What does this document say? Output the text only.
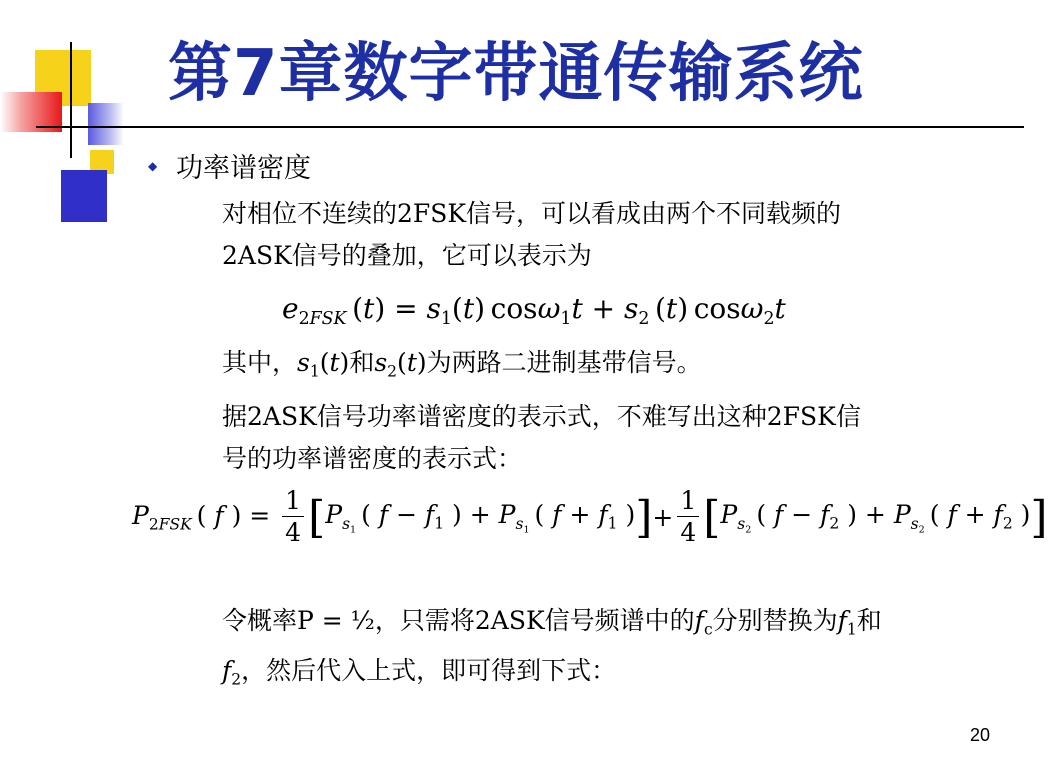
第7章数字带通传输系统
◆ 功率谱密度

对相位不连续的2FSK信号，可以看成由两个不同载频的

2ASK信号的叠加，它可以表示为

$e_{2FSK}$ $(t) = s_1(t) \cos\omega_1t + s_2$ (t) cosω$_2$t

其中，$s_1(t)$和$s_2(t)$为两路二进制基带信号。

据2ASK信号功率谱密度的表示式，不难写出这种2FSK信

号的功率谱密度的表示式：

$P_{2FSK}$ ( f ) = $\frac{1}{4}$ [ $P_{s_1}$ ( $f - f_1$ ) + $P_{s_1}$ ( $f + f_1$ ) ] + $\frac{1}{4}$ [ $P_{s_2}$ ( $f - f_2$ ) + $P_{s_2}$ ( $f + f_2$ ) ]

令概率P = ½，只需将2ASK信号频谱中的$f_c$分别替换为$f_1$和

$f_2$，然后代入上式，即可得到下式：

20
